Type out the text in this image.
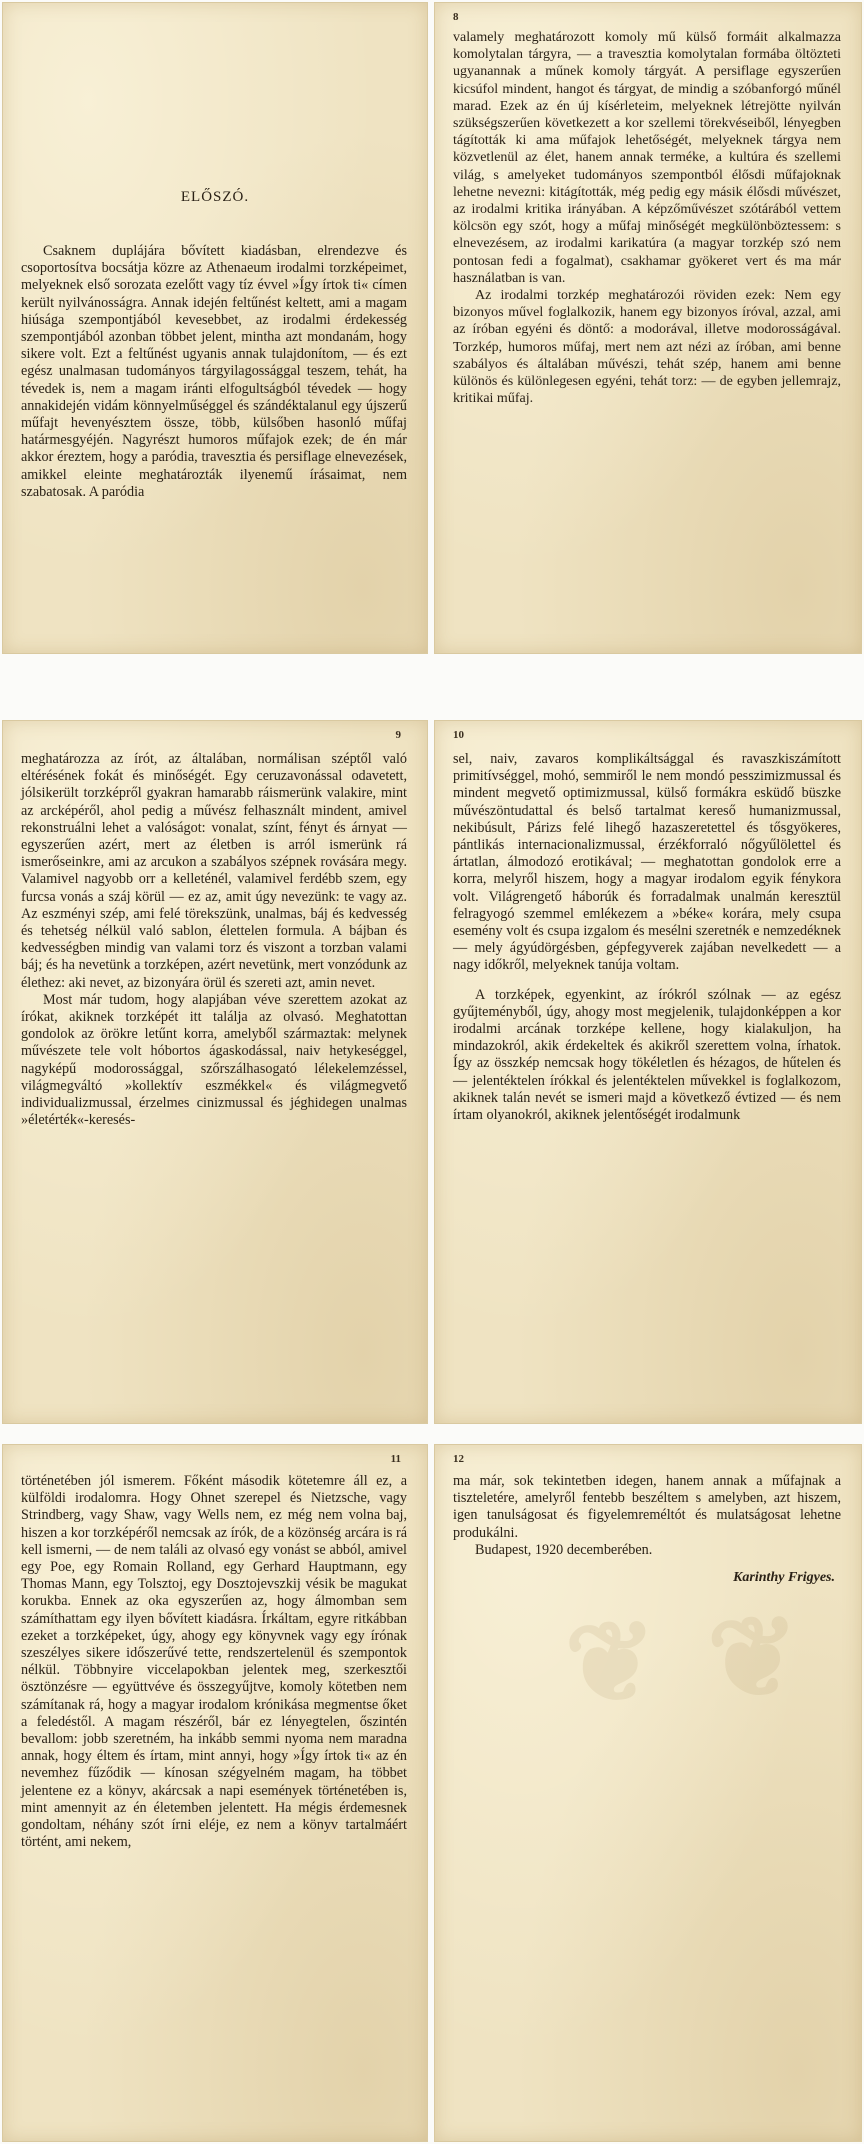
ELŐSZÓ.

Csaknem duplájára bővített kiadásban, elrendezve és csoportosítva bocsátja közre az Athenaeum irodalmi torzképeimet, melyeknek első sorozata ezelőtt vagy tíz évvel »Így írtok ti« címen került nyilvánosságra. Annak idején feltűnést keltett, ami a magam hiúsága szempontjából kevesebbet, az irodalmi érdekesség szempontjából azonban többet jelent, mintha azt mondanám, hogy sikere volt. Ezt a feltűnést ugyanis annak tulajdonítom, — és ezt egész unalmasan tudományos tárgyilagossággal teszem, tehát, ha tévedek is, nem a magam iránti elfogultságból tévedek — hogy annakidején vidám könnyelműséggel és szándéktalanul egy újszerű műfajt hevenyésztem össze, több, külsőben hasonló műfaj határmesgyéjén. Nagyrészt humoros műfajok ezek; de én már akkor éreztem, hogy a paródia, travesztia és persiflage elnevezések, amikkel eleinte meghatározták ilyenemű írásaimat, nem szabatosak. A paródia

8

valamely meghatározott komoly mű külső formáit alkalmazza komolytalan tárgyra, — a travesztia komolytalan formába öltözteti ugyanannak a műnek komoly tárgyát. A persiflage egyszerűen kicsúfol mindent, hangot és tárgyat, de mindig a szóbanforgó műnél marad. Ezek az én új kísérleteim, melyeknek létrejötte nyilván szükségszerűen következett a kor szellemi törekvéseiből, lényegben tágították ki ama műfajok lehetőségét, melyeknek tárgya nem közvetlenül az élet, hanem annak terméke, a kultúra és szellemi világ, s amelyeket tudományos szempontból élősdi műfajoknak lehetne nevezni: kitágították, még pedig egy másik élősdi művészet, az irodalmi kritika irányában. A képzőművészet szótárából vettem kölcsön egy szót, hogy a műfaj minőségét megkülönböztessem: s elnevezésem, az irodalmi karikatúra (a magyar torzkép szó nem pontosan fedi a fogalmat), csakhamar gyökeret vert és ma már használatban is van.

Az irodalmi torzkép meghatározói röviden ezek: Nem egy bizonyos művel foglalkozik, hanem egy bizonyos íróval, azzal, ami az íróban egyéni és döntő: a modorával, illetve modorosságával. Torzkép, humoros műfaj, mert nem azt nézi az íróban, ami benne szabályos és általában művészi, tehát szép, hanem ami benne különös és különlegesen egyéni, tehát torz: — de egyben jellemrajz, kritikai műfaj.

9

meghatározza az írót, az általában, normálisan széptől való eltérésének fokát és minőségét. Egy ceruzavonással odavetett, jólsikerült torzképről gyakran hamarabb ráismerünk valakire, mint az arcképéről, ahol pedig a művész felhasznált mindent, amivel rekonstruálni lehet a valóságot: vonalat, színt, fényt és árnyat — egyszerűen azért, mert az életben is arról ismerünk rá ismerőseinkre, ami az arcukon a szabályos szépnek rovására megy. Valamivel nagyobb orr a kelleténél, valamivel ferdébb szem, egy furcsa vonás a száj körül — ez az, amit úgy nevezünk: te vagy az. Az eszményi szép, ami felé törekszünk, unalmas, báj és kedvesség és tehetség nélkül való sablon, élettelen formula. A bájban és kedvességben mindig van valami torz és viszont a torzban valami báj; és ha nevetünk a torzképen, azért nevetünk, mert vonzódunk az élethez: aki nevet, az bizonyára örül és szereti azt, amin nevet.

Most már tudom, hogy alapjában véve szerettem azokat az írókat, akiknek torzképét itt találja az olvasó. Meghatottan gondolok az örökre letűnt korra, amelyből származtak: melynek művészete tele volt hóbortos ágaskodással, naiv hetykeséggel, nagyképű modorossággal, szőrszálhasogató lélekelemzéssel, világmegváltó »kollektív eszmékkel« és világmegvető individualizmussal, érzelmes cinizmussal és jéghidegen unalmas »életérték«-keresés-

10

sel, naiv, zavaros komplikáltsággal és ravaszkiszámított primitívséggel, mohó, semmiről le nem mondó pesszimizmussal és mindent megvető optimizmussal, külső formákra esküdő büszke művészöntudattal és belső tartalmat kereső humanizmussal, nekibúsult, Párizs felé lihegő hazaszeretettel és tősgyökeres, pántlikás internacionalizmussal, érzékforraló nőgyűlölettel és ártatlan, álmodozó erotikával; — meghatottan gondolok erre a korra, melyről hiszem, hogy a magyar irodalom egyik fénykora volt. Világrengető háborúk és forradalmak unalmán keresztül felragyogó szemmel emlékezem a »béke« korára, mely csupa esemény volt és csupa izgalom és mesélni szeretnék e nemzedéknek — mely ágyúdörgésben, gépfegyverek zajában nevelkedett — a nagy időkről, melyeknek tanúja voltam.

A torzképek, egyenkint, az írókról szólnak — az egész gyűjteményből, úgy, ahogy most megjelenik, tulajdonképpen a kor irodalmi arcának torzképe kellene, hogy kialakuljon, ha mindazokról, akik érdekeltek és akikről szerettem volna, írhatok. Így az összkép nemcsak hogy tökéletlen és hézagos, de hűtelen és — jelentéktelen írókkal és jelentéktelen művekkel is foglalkozom, akiknek talán nevét se ismeri majd a következő évtized — és nem írtam olyanokról, akiknek jelentőségét irodalmunk

11

történetében jól ismerem. Főként második kötetemre áll ez, a külföldi irodalomra. Hogy Ohnet szerepel és Nietzsche, vagy Strindberg, vagy Shaw, vagy Wells nem, ez még nem volna baj, hiszen a kor torzképéről nemcsak az írók, de a közönség arcára is rá kell ismerni, — de nem találi az olvasó egy vonást se abból, amivel egy Poe, egy Romain Rolland, egy Gerhard Hauptmann, egy Thomas Mann, egy Tolsztoj, egy Dosztojevszkij vésik be magukat korukba. Ennek az oka egyszerűen az, hogy álmomban sem számíthattam egy ilyen bővített kiadásra. Írkáltam, egyre ritkábban ezeket a torzképeket, úgy, ahogy egy könyvnek vagy egy írónak szeszélyes sikere időszerűvé tette, rendszertelenül és szempontok nélkül. Többnyire viccelapokban jelentek meg, szerkesztői ösztönzésre — együttvéve és összegyűjtve, komoly kötetben nem számítanak rá, hogy a magyar irodalom krónikása megmentse őket a feledéstől. A magam részéről, bár ez lényegtelen, őszintén bevallom: jobb szeretném, ha inkább semmi nyoma nem maradna annak, hogy éltem és írtam, mint annyi, hogy »Így írtok ti« az én nevemhez fűződik — kínosan szégyelném magam, ha többet jelentene ez a könyv, akárcsak a napi események történetében is, mint amennyit az én életemben jelentett. Ha mégis érdemesnek gondoltam, néhány szót írni eléje, ez nem a könyv tartalmáért történt, ami nekem,

12
❦ ❦

ma már, sok tekintetben idegen, hanem annak a műfajnak a tiszteletére, amelyről fentebb beszéltem s amelyben, azt hiszem, igen tanulságosat és figyelemreméltót és mulatságosat lehetne produkálni.

Budapest, 1920 decemberében.

Karinthy Frigyes.
